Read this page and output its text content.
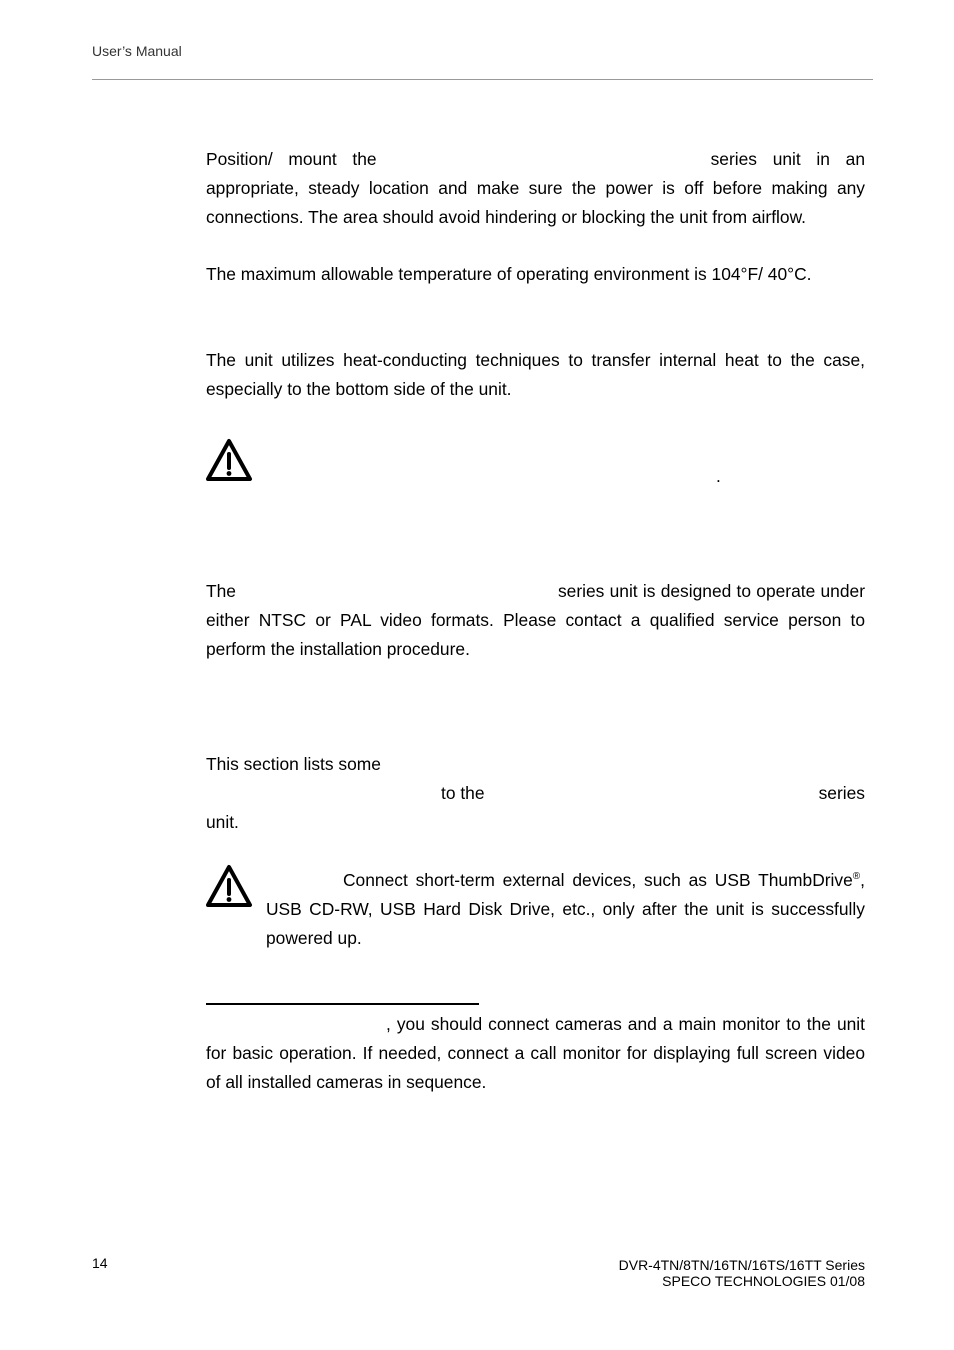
User’s Manual
Position/ mount the	series unit in an appropriate, steady location and make sure the power is off before making any connections. The area should avoid hindering or blocking the unit from airflow.
The maximum allowable temperature of operating environment is 104°F/ 40°C.
The unit utilizes heat-conducting techniques to transfer internal heat to the case, especially to the bottom side of the unit.
.
The	series unit is designed to operate under either NTSC or PAL video formats. Please contact a qualified service person to perform the installation procedure.
This section lists some
to the	series
unit.
Connect short-term external devices, such as USB ThumbDrive®, USB CD-RW, USB Hard Disk Drive, etc., only after the unit is successfully powered up.
, you should connect cameras and a main monitor to the unit for basic operation. If needed, connect a call monitor for displaying full screen video of all installed cameras in sequence.
14	DVR-4TN/8TN/16TN/16TS/16TT Series
SPECO TECHNOLOGIES 01/08
